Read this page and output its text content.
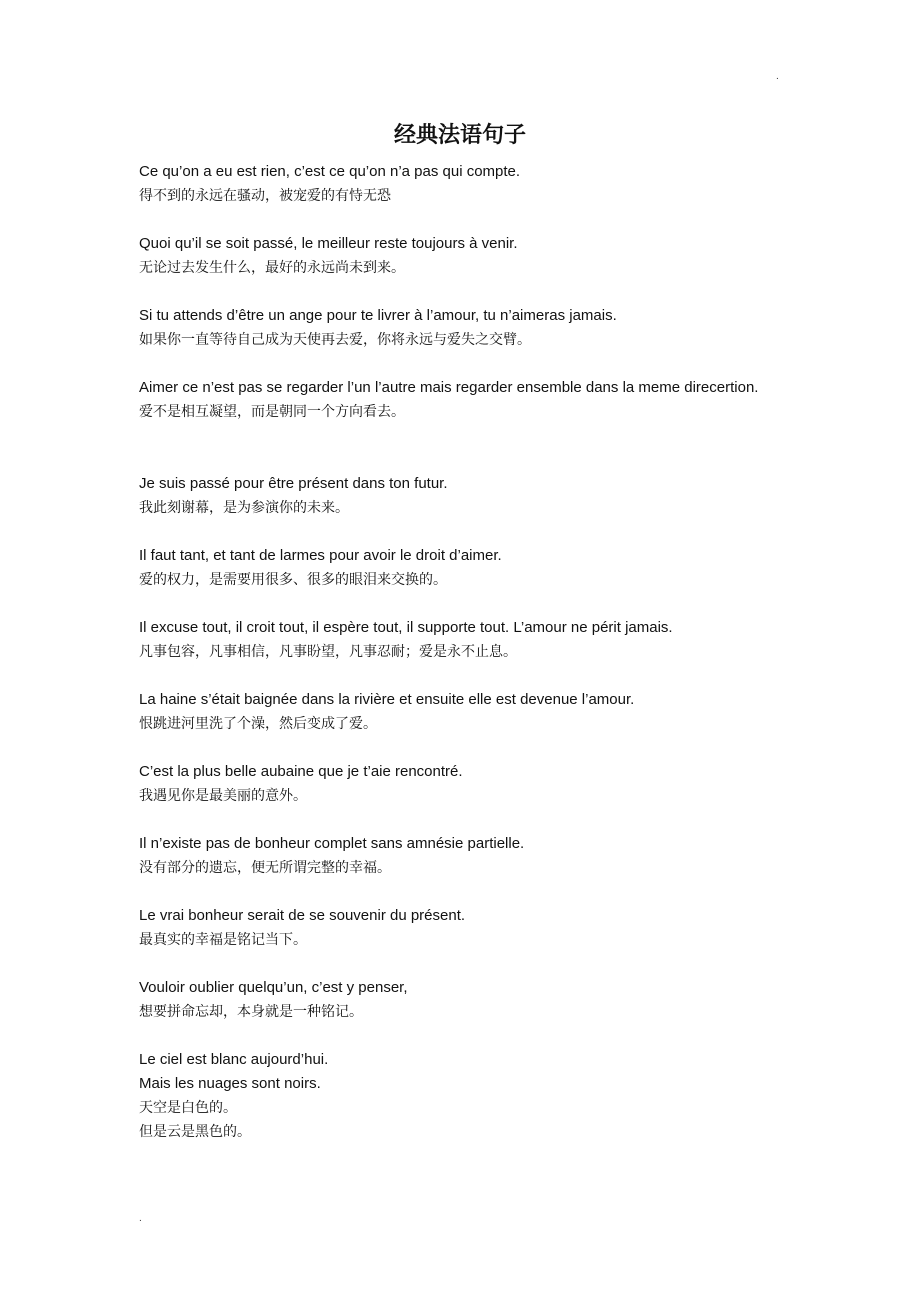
.
经典法语句子
Ce qu’on a eu est rien, c’est ce qu’on n’a pas qui compte.
得不到的永远在骚动，被宠爱的有恃无恐
Quoi qu’il se soit passé, le meilleur reste toujours à venir.
无论过去发生什么，最好的永远尚未到来。
Si tu attends d’être un ange pour te livrer à l’amour, tu n’aimeras jamais.
如果你一直等待自己成为天使再去爱，你将永远与爱失之交臂。
Aimer ce n’est pas se regarder l’un l’autre mais regarder ensemble dans la meme direcertion.
爱不是相互凝望，而是朝同一个方向看去。
Je suis passé pour être présent dans ton futur.
我此刻谢幕，是为参演你的未来。
Il faut tant, et tant de larmes pour avoir le droit d’aimer.
爱的权力，是需要用很多、很多的眼泪来交换的。
Il excuse tout, il croit tout, il espère tout, il supporte tout. L’amour ne périt jamais.
凡事包容，凡事相信，凡事盼望，凡事忍耐；爱是永不止息。
La haine s’était baignée dans la rivière et ensuite elle est devenue l’amour.
恨跳进河里洗了个澡，然后变成了爱。
C’est la plus belle aubaine que je t’aie rencontré.
我遇见你是最美丽的意外。
Il n’existe pas de bonheur complet sans amnésie partielle.
没有部分的遗忘，便无所谓完整的幸福。
Le vrai bonheur serait de se souvenir du présent.
最真实的幸福是铭记当下。
Vouloir oublier quelqu’un, c’est y penser,
想要拼命忘却，本身就是一种铭记。
Le ciel est blanc aujourd’hui.
Mais les nuages sont noirs.
天空是白色的。
但是云是黑色的。
.
